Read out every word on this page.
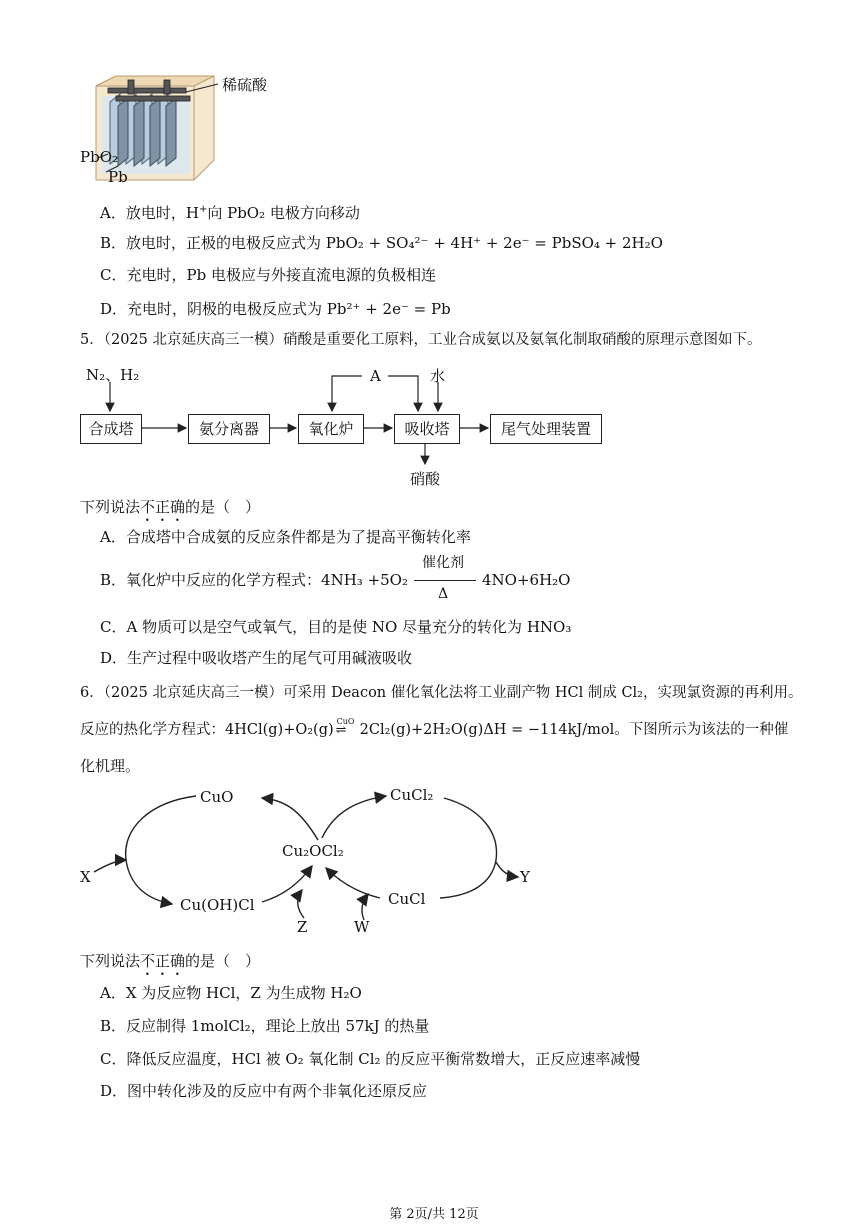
稀硫酸
PbO₂
Pb
A．放电时，H+向 PbO₂ 电极方向移动
B．放电时，正极的电极反应式为 PbO₂ + SO₄²⁻ + 4H⁺ + 2e⁻ = PbSO₄ + 2H₂O
C．充电时，Pb 电极应与外接直流电源的负极相连
D．充电时，阴极的电极反应式为 Pb²⁺ + 2e⁻ = Pb
5．（2025 北京延庆高三一模）硝酸是重要化工原料，工业合成氨以及氨氧化制取硝酸的原理示意图如下。
N₂、H₂	A	水
合成塔	氨分离器	氧化炉	吸收塔	尾气处理装置
硝酸
下列说法不正确的是（　）
A．合成塔中合成氨的反应条件都是为了提高平衡转化率
B．氧化炉中反应的化学方程式：4NH₃ +5O₂
催化剂
Δ
4NO+6H₂O
C．A 物质可以是空气或氧气，目的是使 NO 尽量充分的转化为 HNO₃
D．生产过程中吸收塔产生的尾气可用碱液吸收
6．（2025 北京延庆高三一模）可采用 Deacon 催化氧化法将工业副产物 HCl 制成 Cl₂，实现氯资源的再利用。
反应的热化学方程式：4HCl(g)+O₂(g)
CuO
⇌ 2Cl₂(g)+2H₂O(g)ΔH = −114kJ/mol。下图所示为该法的一种催
化机理。
CuO	CuCl₂
Cu₂OCl₂
Cu(OH)Cl	CuCl
X	Y
Z	W
下列说法不正确的是（　）
A．X 为反应物 HCl，Z 为生成物 H₂O
B．反应制得 1molCl₂，理论上放出 57kJ 的热量
C．降低反应温度，HCl 被 O₂ 氧化制 Cl₂ 的反应平衡常数增大，正反应速率减慢
D．图中转化涉及的反应中有两个非氧化还原反应
第 2页/共 12页
